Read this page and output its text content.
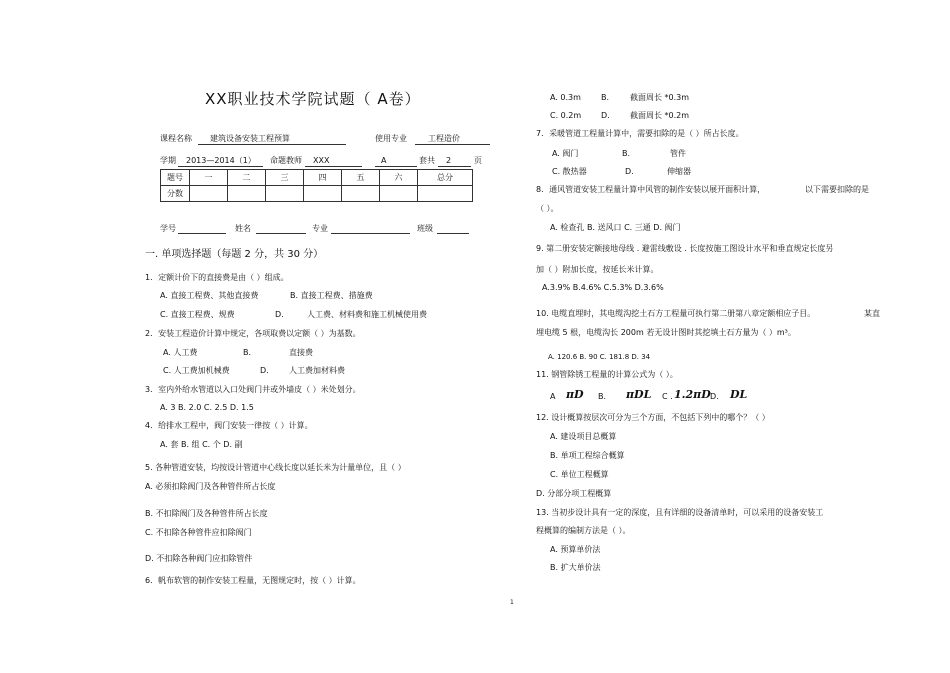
XX职业技术学院试题（ A卷）
课程名称 建筑设备安装工程预算	使用专业	工程造价
学期 2013—2014（1） 命题教师 XXX	A	套共 2	页
题号	一	二	三	四	五	六	总分
分数							
学号	姓名	专业	班级
一. 单项选择题（每题 2 分，共 30 分）
1．定额计价下的直接费是由（ ）组成。
A. 直接工程费、其他直接费	B. 直接工程费、措施费
C. 直接工程费、规费	D.	人工费、材料费和施工机械使用费
2．安装工程造价计算中规定，各项取费以定额（ ）为基数。
A. 人工费	B.	直接费
C. 人工费加机械费	D.	人工费加材料费
3．室内外给水管道以入口处阀门井或外墙皮（ ）米处划分。
A. 3 B. 2.0 C. 2.5 D. 1.5
4．给排水工程中，阀门安装一律按（ ）计算。
A. 套 B. 组 C. 个 D. 副
5. 各种管道安装，均按设计管道中心线长度以延长米为计量单位，且（ ）
A. 必须扣除阀门及各种管件所占长度
B. 不扣除阀门及各种管件所占长度
C. 不扣除各种管件应扣除阀门
D. 不扣除各种阀门应扣除管件
6．帆布软管的制作安装工程量，无图规定时，按（ ）计算。
A. 0.3m	B.	截面周长 *0.3m
C. 0.2m D.	截面周长 *0.2m
7．采暖管道工程量计算中，需要扣除的是（ ）所占长度。
A. 阀门	B.	管件
C. 散热器	D.	伸缩器
8．通风管道安装工程量计算中风管的制作安装以展开面积计算，	以下需要扣除的是
（ ）。
A. 检查孔 B. 送风口 C. 三通 D. 阀门
9. 第二册安装定额接地母线 . 避雷线敷设 . 长度按施工图设计水平和垂直规定长度另
加（ ）附加长度，按延长米计算。
A.3.9% B.4.6% C.5.3% D.3.6%
10. 电缆直埋时，其电缆沟挖土石方工程量可执行第二册第八章定额相应子目。	某直
埋电缆 5 根，电缆沟长 200m 若无设计图时其挖填土石方量为（ ）m³。
A. 120.6 B. 90 C. 181.8 D. 34
11. 钢管除锈工程量的计算公式为（ ）。
A πD B. πDL C . 1.2πD D. DL
12. 设计概算按层次可分为三个方面，不包括下列中的哪个？（ ）
A. 建设项目总概算
B. 单项工程综合概算
C. 单位工程概算
D. 分部分项工程概算
13. 当初步设计具有一定的深度，且有详细的设备清单时，可以采用的设备安装工
程概算的编制方法是（ ）。
A. 预算单价法
B. 扩大单价法
1
